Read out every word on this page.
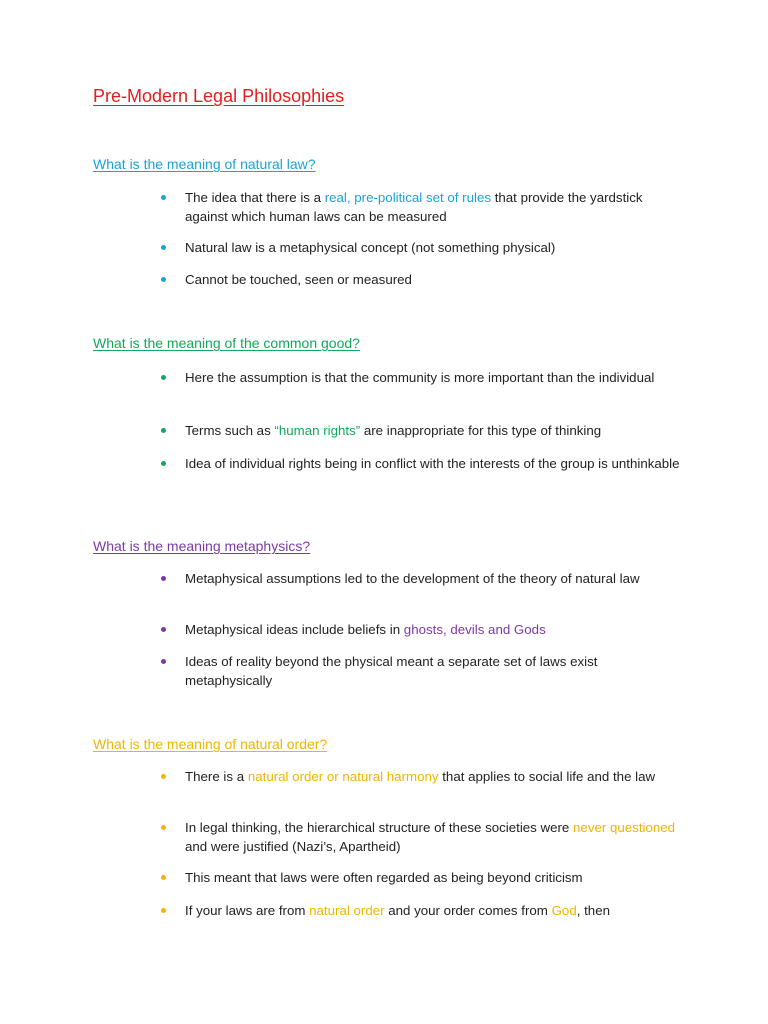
Pre-Modern Legal Philosophies
What is the meaning of natural law?
The idea that there is a real, pre-political set of rules that provide the yardstick against which human laws can be measured
Natural law is a metaphysical concept (not something physical)
Cannot be touched, seen or measured
What is the meaning of the common good?
Here the assumption is that the community is more important than the individual
Terms such as “human rights” are inappropriate for this type of thinking
Idea of individual rights being in conflict with the interests of the group is unthinkable
What is the meaning metaphysics?
Metaphysical assumptions led to the development of the theory of natural law
Metaphysical ideas include beliefs in ghosts, devils and Gods
Ideas of reality beyond the physical meant a separate set of laws exist metaphysically
What is the meaning of natural order?
There is a natural order or natural harmony that applies to social life and the law
In legal thinking, the hierarchical structure of these societies were never questioned and were justified (Nazi’s, Apartheid)
This meant that laws were often regarded as being beyond criticism
If your laws are from natural order and your order comes from God, then
